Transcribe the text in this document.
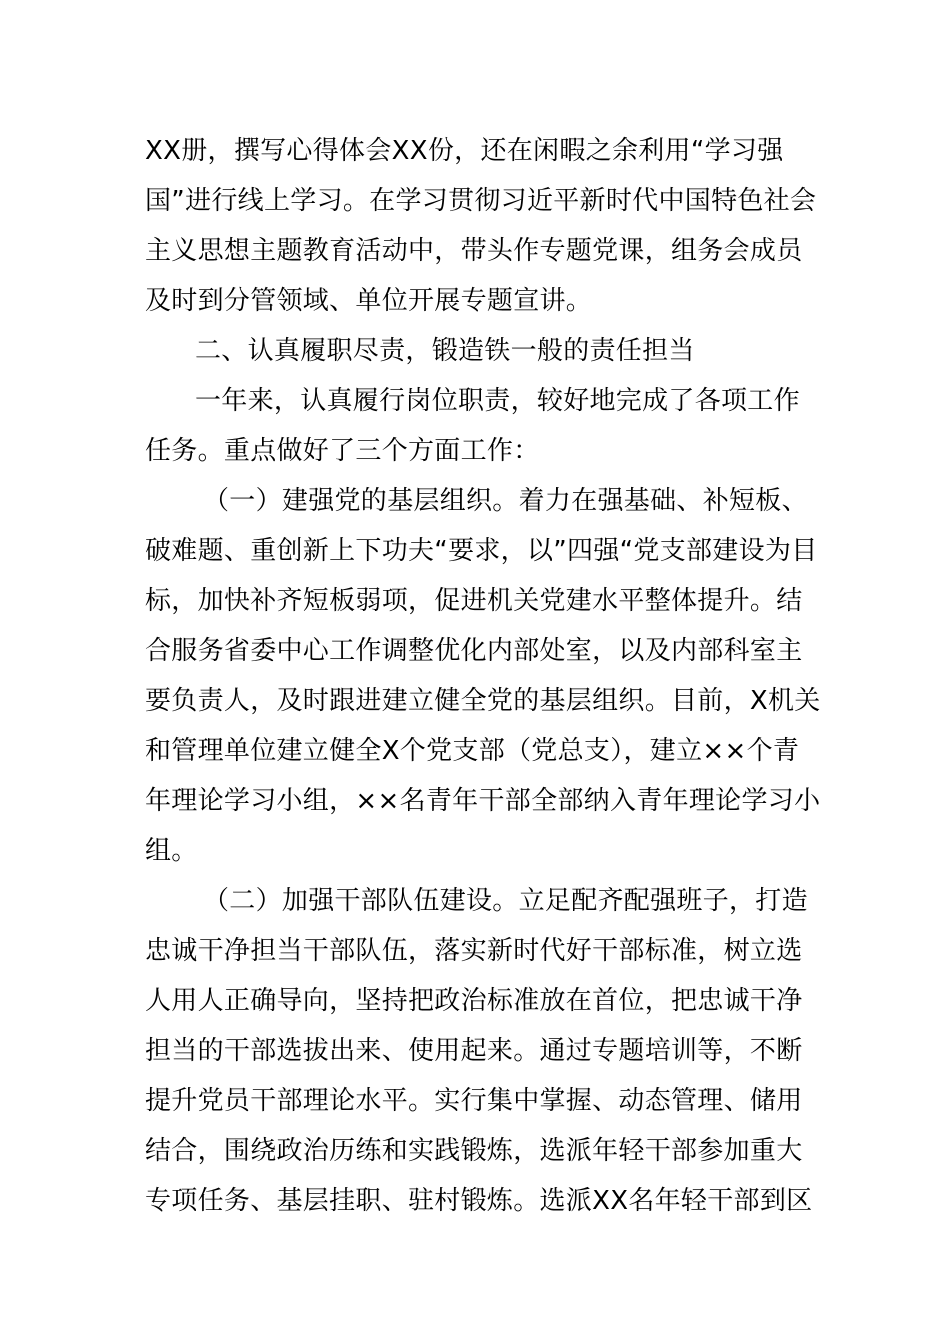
XX册，撰写心得体会XX份，还在闲暇之余利用“学习强
国”进行线上学习。在学习贯彻习近平新时代中国特色社会
主义思想主题教育活动中，带头作专题党课，组务会成员
及时到分管领域、单位开展专题宣讲。
二、认真履职尽责，锻造铁一般的责任担当
一年来，认真履行岗位职责，较好地完成了各项工作
任务。重点做好了三个方面工作：
（一）建强党的基层组织。着力在强基础、补短板、
破难题、重创新上下功夫“要求，以”四强“党支部建设为目
标，加快补齐短板弱项，促进机关党建水平整体提升。结
合服务省委中心工作调整优化内部处室，以及内部科室主
要负责人，及时跟进建立健全党的基层组织。目前，X机关
和管理单位建立健全X个党支部（党总支），建立××个青
年理论学习小组，××名青年干部全部纳入青年理论学习小
组。
（二）加强干部队伍建设。立足配齐配强班子，打造
忠诚干净担当干部队伍，落实新时代好干部标准，树立选
人用人正确导向，坚持把政治标准放在首位，把忠诚干净
担当的干部选拔出来、使用起来。通过专题培训等，不断
提升党员干部理论水平。实行集中掌握、动态管理、储用
结合，围绕政治历练和实践锻炼，选派年轻干部参加重大
专项任务、基层挂职、驻村锻炼。选派XX名年轻干部到区
